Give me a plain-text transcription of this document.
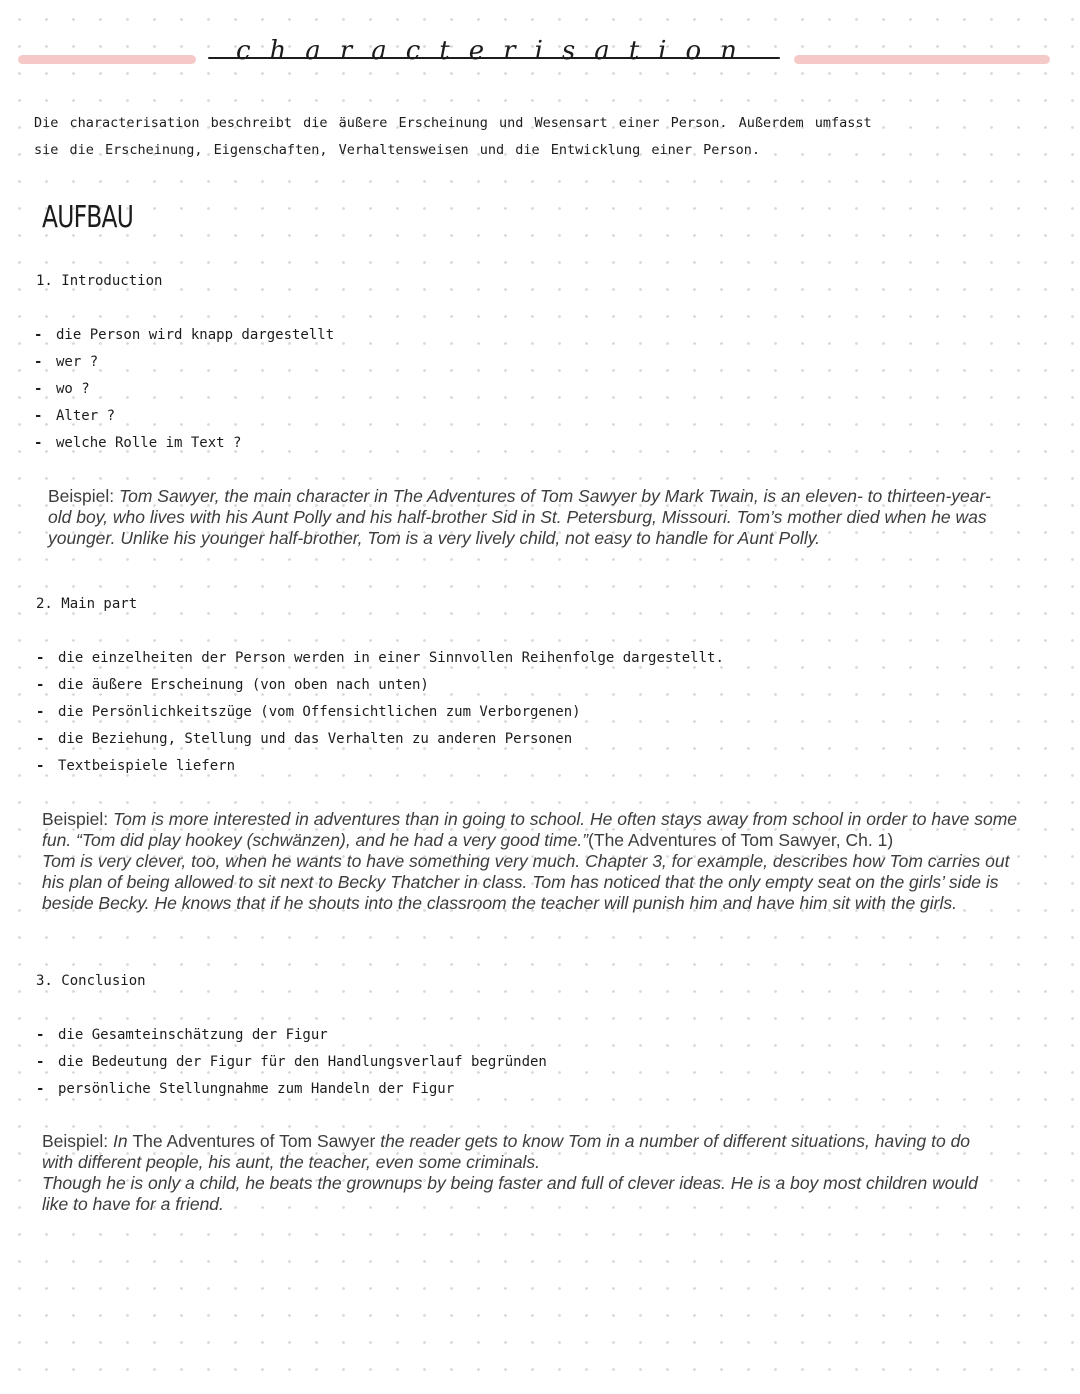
characterisation
Die characterisation beschreibt die äußere Erscheinung und Wesensart einer Person. Außerdem umfasst
sie die Erscheinung, Eigenschaften, Verhaltensweisen und die Entwicklung einer Person.
AUFBAU
1. Introduction
- die Person wird knapp dargestellt
- wer ?
- wo ?
- Alter ?
- welche Rolle im Text ?
Beispiel: Tom Sawyer, the main character in The Adventures of Tom Sawyer by Mark Twain, is an eleven- to thirteen-year-old boy, who lives with his Aunt Polly and his half-brother Sid in St. Petersburg, Missouri. Tom’s mother died when he was younger. Unlike his younger half-brother, Tom is a very lively child, not easy to handle for Aunt Polly.
2. Main part
- die einzelheiten der Person werden in einer Sinnvollen Reihenfolge dargestellt.
- die äußere Erscheinung (von oben nach unten)
- die Persönlichkeitszüge (vom Offensichtlichen zum Verborgenen)
- die Beziehung, Stellung und das Verhalten zu anderen Personen
- Textbeispiele liefern
Beispiel: Tom is more interested in adventures than in going to school. He often stays away from school in order to have some fun. “Tom did play hookey (schwänzen), and he had a very good time.”(The Adventures of Tom Sawyer, Ch. 1)
Tom is very clever, too, when he wants to have something very much. Chapter 3, for example, describes how Tom carries out his plan of being allowed to sit next to Becky Thatcher in class. Tom has noticed that the only empty seat on the girls’ side is beside Becky. He knows that if he shouts into the classroom the teacher will punish him and have him sit with the girls.
3. Conclusion
- die Gesamteinschätzung der Figur
- die Bedeutung der Figur für den Handlungsverlauf begründen
- persönliche Stellungnahme zum Handeln der Figur
Beispiel: In The Adventures of Tom Sawyer the reader gets to know Tom in a number of different situations, having to do with different people, his aunt, the teacher, even some criminals.
Though he is only a child, he beats the grownups by being faster and full of clever ideas. He is a boy most children would like to have for a friend.
